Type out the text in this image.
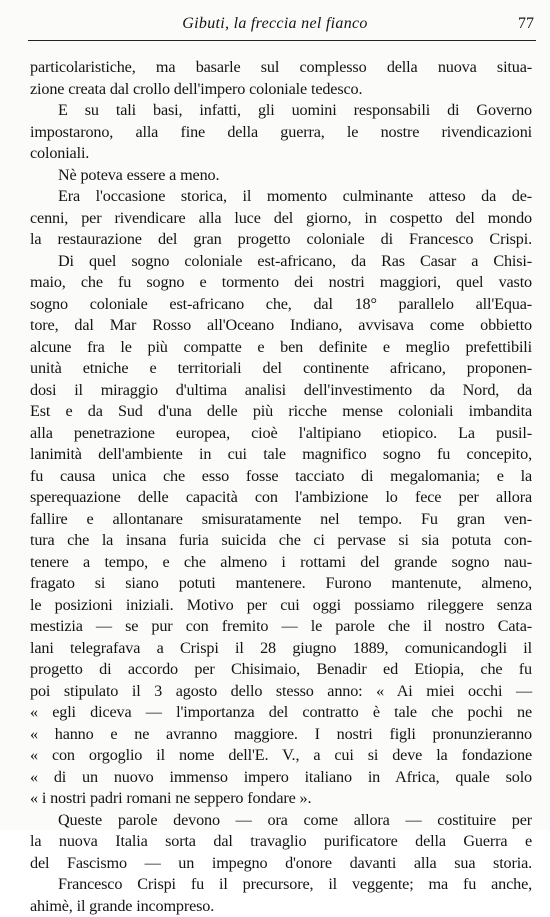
Gibuti, la freccia nel fianco	77
particolaristiche, ma basarle sul complesso della nuova situa-
zione creata dal crollo dell'impero coloniale tedesco.
E su tali basi, infatti, gli uomini responsabili di Governo
impostarono, alla fine della guerra, le nostre rivendicazioni
coloniali.
Nè poteva essere a meno.
Era l'occasione storica, il momento culminante atteso da de-
cenni, per rivendicare alla luce del giorno, in cospetto del mondo
la restaurazione del gran progetto coloniale di Francesco Crispi.
Di quel sogno coloniale est-africano, da Ras Casar a Chisi-
maio, che fu sogno e tormento dei nostri maggiori, quel vasto
sogno coloniale est-africano che, dal 18° parallelo all'Equa-
tore, dal Mar Rosso all'Oceano Indiano, avvisava come obbietto
alcune fra le più compatte e ben definite e meglio prefettibili
unità etniche e territoriali del continente africano, proponen-
dosi il miraggio d'ultima analisi dell'investimento da Nord, da
Est e da Sud d'una delle più ricche mense coloniali imbandita
alla penetrazione europea, cioè l'altipiano etiopico. La pusil-
lanimità dell'ambiente in cui tale magnifico sogno fu concepito,
fu causa unica che esso fosse tacciato di megalomania; e la
sperequazione delle capacità con l'ambizione lo fece per allora
fallire e allontanare smisuratamente nel tempo. Fu gran ven-
tura che la insana furia suicida che ci pervase si sia potuta con-
tenere a tempo, e che almeno i rottami del grande sogno nau-
fragato si siano potuti mantenere. Furono mantenute, almeno,
le posizioni iniziali. Motivo per cui oggi possiamo rileggere senza
mestizia — se pur con fremito — le parole che il nostro Cata-
lani telegrafava a Crispi il 28 giugno 1889, comunicandogli il
progetto di accordo per Chisimaio, Benadir ed Etiopia, che fu
poi stipulato il 3 agosto dello stesso anno: « Ai miei occhi —
« egli diceva — l'importanza del contratto è tale che pochi ne
« hanno e ne avranno maggiore. I nostri figli pronunzieranno
« con orgoglio il nome dell'E. V., a cui si deve la fondazione
« di un nuovo immenso impero italiano in Africa, quale solo
« i nostri padri romani ne seppero fondare ».
Queste parole devono — ora come allora — costituire per
la nuova Italia sorta dal travaglio purificatore della Guerra e
del Fascismo — un impegno d'onore davanti alla sua storia.
Francesco Crispi fu il precursore, il veggente; ma fu anche,
ahimè, il grande incompreso.
